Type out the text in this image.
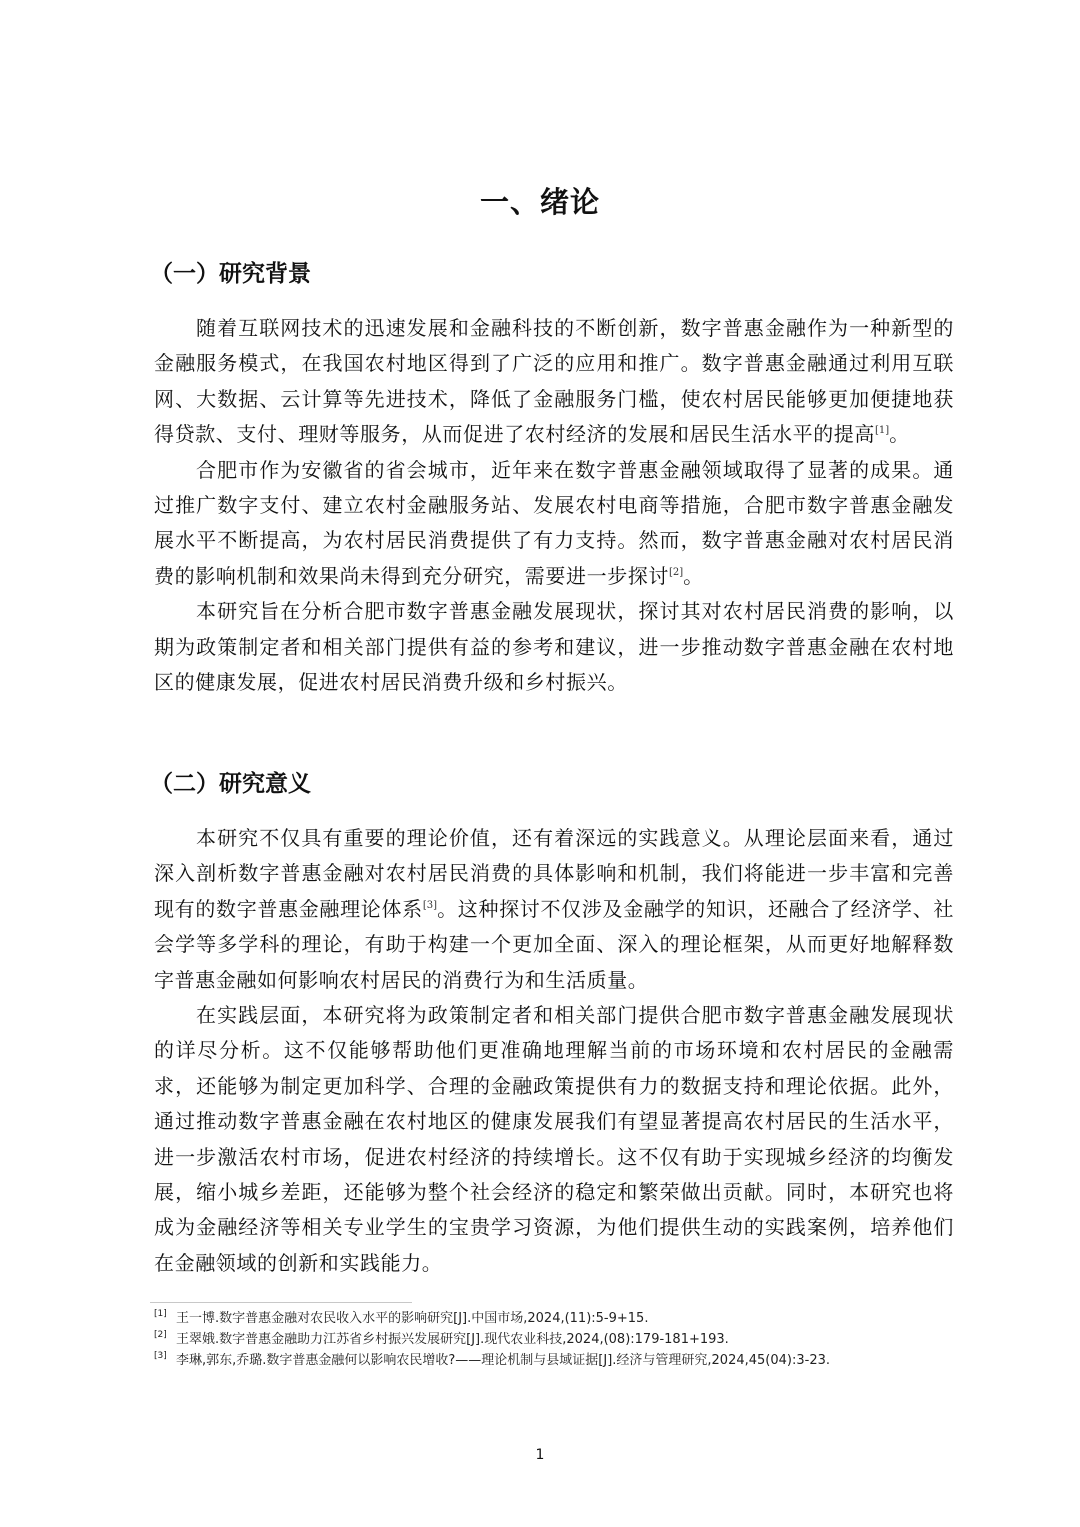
一、绪论
（一）研究背景

随着互联网技术的迅速发展和金融科技的不断创新，数字普惠金融作为一种新型的金融服务模式，在我国农村地区得到了广泛的应用和推广。数字普惠金融通过利用互联网、大数据、云计算等先进技术，降低了金融服务门槛，使农村居民能够更加便捷地获得贷款、支付、理财等服务，从而促进了农村经济的发展和居民生活水平的提高[1]。

合肥市作为安徽省的省会城市，近年来在数字普惠金融领域取得了显著的成果。通过推广数字支付、建立农村金融服务站、发展农村电商等措施，合肥市数字普惠金融发展水平不断提高，为农村居民消费提供了有力支持。然而，数字普惠金融对农村居民消费的影响机制和效果尚未得到充分研究，需要进一步探讨[2]。

本研究旨在分析合肥市数字普惠金融发展现状，探讨其对农村居民消费的影响，以期为政策制定者和相关部门提供有益的参考和建议，进一步推动数字普惠金融在农村地区的健康发展，促进农村居民消费升级和乡村振兴。

（二）研究意义

本研究不仅具有重要的理论价值，还有着深远的实践意义。从理论层面来看，通过深入剖析数字普惠金融对农村居民消费的具体影响和机制，我们将能进一步丰富和完善现有的数字普惠金融理论体系[3]。这种探讨不仅涉及金融学的知识，还融合了经济学、社会学等多学科的理论，有助于构建一个更加全面、深入的理论框架，从而更好地解释数字普惠金融如何影响农村居民的消费行为和生活质量。

在实践层面，本研究将为政策制定者和相关部门提供合肥市数字普惠金融发展现状的详尽分析。这不仅能够帮助他们更准确地理解当前的市场环境和农村居民的金融需求，还能够为制定更加科学、合理的金融政策提供有力的数据支持和理论依据。此外，通过推动数字普惠金融在农村地区的健康发展我们有望显著提高农村居民的生活水平，进一步激活农村市场，促进农村经济的持续增长。这不仅有助于实现城乡经济的均衡发展，缩小城乡差距，还能够为整个社会经济的稳定和繁荣做出贡献。同时，本研究也将成为金融经济等相关专业学生的宝贵学习资源，为他们提供生动的实践案例，培养他们在金融领域的创新和实践能力。

[1] 王一博.数字普惠金融对农民收入水平的影响研究[J].中国市场,2024,(11):5-9+15.
[2] 王翠娥.数字普惠金融助力江苏省乡村振兴发展研究[J].现代农业科技,2024,(08):179-181+193.
[3] 李琳,郭东,乔璐.数字普惠金融何以影响农民增收?——理论机制与县域证据[J].经济与管理研究,2024,45(04):3-23.
1
